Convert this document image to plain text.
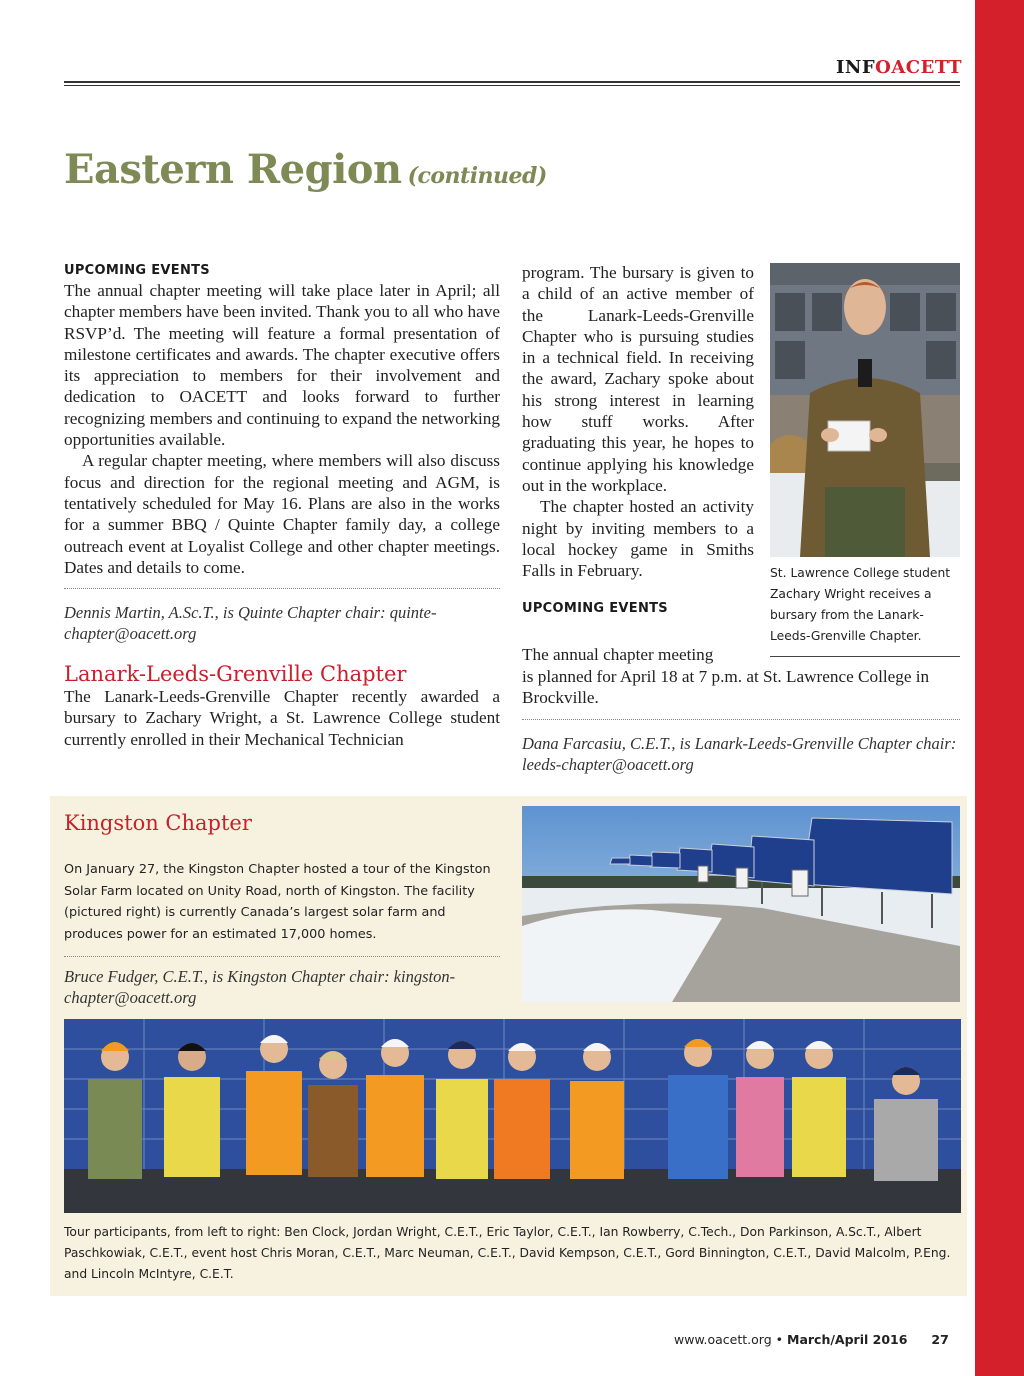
INFOACETT
Eastern Region (continued)
UPCOMING EVENTS

The annual chapter meeting will take place later in April; all chapter members have been invited. Thank you to all who have RSVP’d. The meeting will feature a formal presentation of milestone certificates and awards. The chapter executive offers its appreciation to members for their involvement and dedication to OACETT and looks forward to further recognizing members and continuing to expand the networking opportunities available.

A regular chapter meeting, where members will also discuss focus and direction for the regional meeting and AGM, is tentatively scheduled for May 16. Plans are also in the works for a summer BBQ / Quinte Chapter family day, a college outreach event at Loyalist College and other chapter meetings. Dates and details to come.

Dennis Martin, A.Sc.T., is Quinte Chapter chair: quinte-chapter@oacett.org
Lanark-Leeds-Grenville Chapter
The Lanark-Leeds-Grenville Chapter recently awarded a bursary to Zachary Wright, a St. Lawrence College student currently enrolled in their Mechanical Technician

program. The bursary is given to a child of an active member of the Lanark-Leeds-Grenville Chapter who is pursuing studies in a technical field. In receiving the award, Zachary spoke about his strong interest in learning how stuff works. After graduating this year, he hopes to continue applying his knowledge out in the workplace.

The chapter hosted an activity night by inviting members to a local hockey game in Smiths Falls in February.

UPCOMING EVENTS
The annual chapter meeting
is planned for April 18 at 7 p.m. at St. Lawrence College in Brockville.
Dana Farcasiu, C.E.T., is Lanark-Leeds-Grenville Chapter chair: leeds-chapter@oacett.org
St. Lawrence College student Zachary Wright receives a bursary from the Lanark-Leeds-Grenville Chapter.
Kingston Chapter
On January 27, the Kingston Chapter hosted a tour of the Kingston Solar Farm located on Unity Road, north of Kingston. The facility (pictured right) is currently Canada’s largest solar farm and produces power for an estimated 17,000 homes.
Bruce Fudger, C.E.T., is Kingston Chapter chair: kingston-chapter@oacett.org
Tour participants, from left to right: Ben Clock, Jordan Wright, C.E.T., Eric Taylor, C.E.T., Ian Rowberry, C.Tech., Don Parkinson, A.Sc.T., Albert Paschkowiak, C.E.T., event host Chris Moran, C.E.T., Marc Neuman, C.E.T., David Kempson, C.E.T., Gord Binnington, C.E.T., David Malcolm, P.Eng. and Lincoln McIntyre, C.E.T.
www.oacett.org • March/April 2016 27
